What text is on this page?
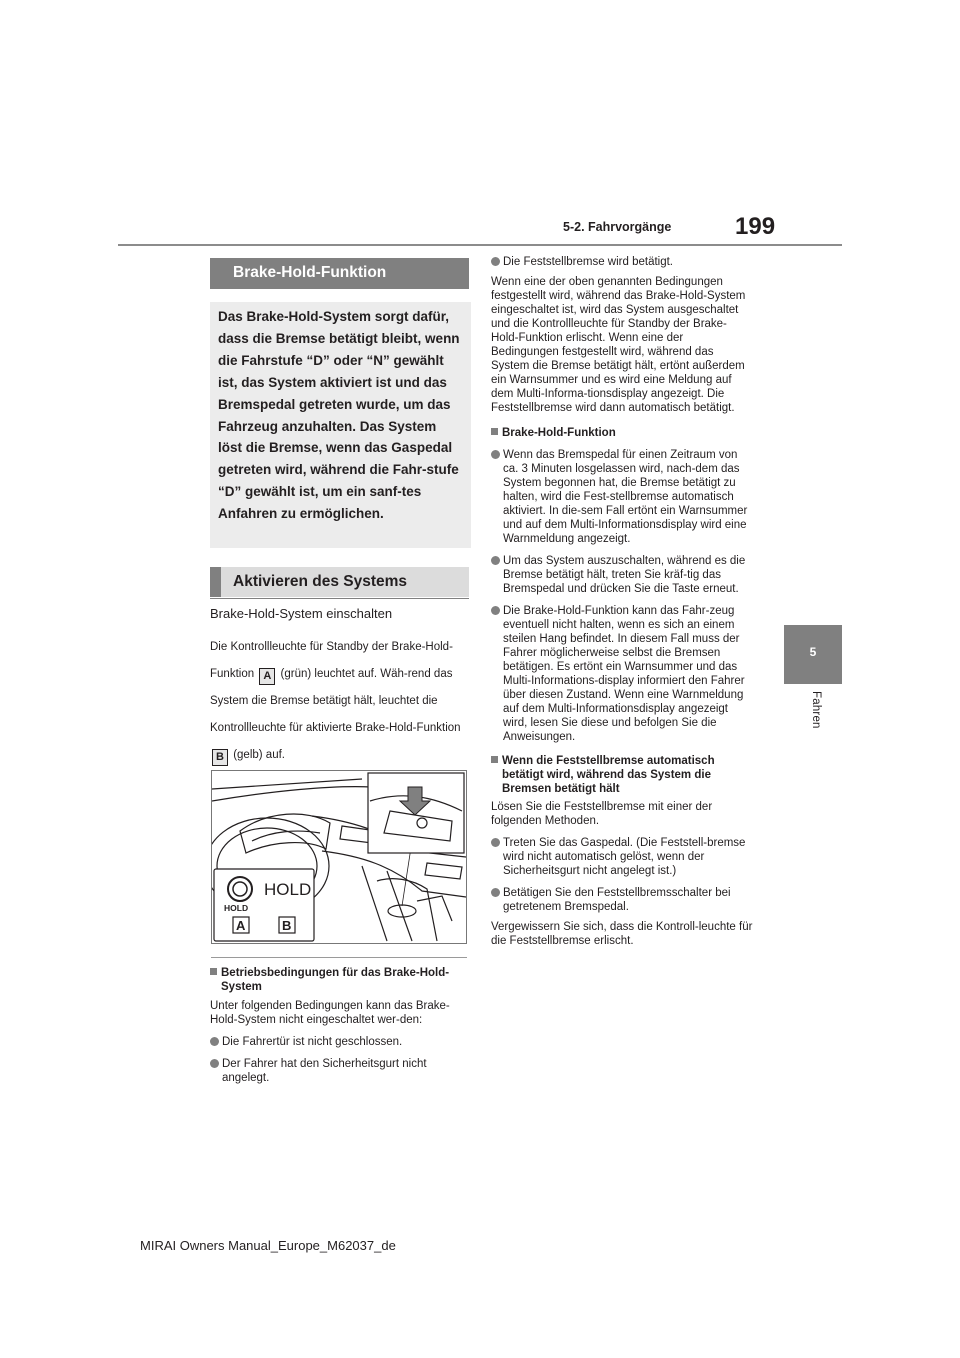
199
5-2. Fahrvorgänge
5
Fahren
Brake-Hold-Funktion
Das Brake-Hold-System sorgt dafür, dass die Bremse betätigt bleibt, wenn die Fahrstufe “D” oder “N” gewählt ist, das System aktiviert ist und das Bremspedal getreten wurde, um das Fahrzeug anzuhalten. Das System löst die Bremse, wenn das Gaspedal getreten wird, während die Fahr-stufe “D” gewählt ist, um ein sanf-tes Anfahren zu ermöglichen.
Aktivieren des Systems
Brake-Hold-System einschalten
Die Kontrollleuchte für Standby der Brake-Hold-Funktion A (grün) leuchtet auf. Wäh-rend das System die Bremse betätigt hält, leuchtet die Kontrollleuchte für aktivierte Brake-Hold-Funktion B (gelb) auf.
HOLD
HOLD
A	B
Betriebsbedingungen für das Brake-Hold-System
Unter folgenden Bedingungen kann das Brake-Hold-System nicht eingeschaltet wer-den:
Die Fahrertür ist nicht geschlossen.
Der Fahrer hat den Sicherheitsgurt nicht angelegt.
Die Feststellbremse wird betätigt.
Wenn eine der oben genannten Bedingungen festgestellt wird, während das Brake-Hold-System eingeschaltet ist, wird das System ausgeschaltet und die Kontrollleuchte für Standby der Brake-Hold-Funktion erlischt. Wenn eine der Bedingungen festgestellt wird, während das System die Bremse betätigt hält, ertönt außerdem ein Warnsummer und es wird eine Meldung auf dem Multi-Informa-tionsdisplay angezeigt. Die Feststellbremse wird dann automatisch betätigt.
Brake-Hold-Funktion
Wenn das Bremspedal für einen Zeitraum von ca. 3 Minuten losgelassen wird, nach-dem das System begonnen hat, die Bremse betätigt zu halten, wird die Fest-stellbremse automatisch aktiviert. In die-sem Fall ertönt ein Warnsummer und auf dem Multi-Informationsdisplay wird eine Warnmeldung angezeigt.
Um das System auszuschalten, während es die Bremse betätigt hält, treten Sie kräf-tig das Bremspedal und drücken Sie die Taste erneut.
Die Brake-Hold-Funktion kann das Fahr-zeug eventuell nicht halten, wenn es sich an einem steilen Hang befindet. In diesem Fall muss der Fahrer möglicherweise selbst die Bremsen betätigen. Es ertönt ein Warnsummer und das Multi-Informations-display informiert den Fahrer über diesen Zustand. Wenn eine Warnmeldung auf dem Multi-Informationsdisplay angezeigt wird, lesen Sie diese und befolgen Sie die Anweisungen.
Wenn die Feststellbremse automatisch betätigt wird, während das System die Bremsen betätigt hält
Lösen Sie die Feststellbremse mit einer der folgenden Methoden.
Treten Sie das Gaspedal. (Die Feststell-bremse wird nicht automatisch gelöst, wenn der Sicherheitsgurt nicht angelegt ist.)
Betätigen Sie den Feststellbremsschalter bei getretenem Bremspedal.
Vergewissern Sie sich, dass die Kontroll-leuchte für die Feststellbremse erlischt.
MIRAI Owners Manual_Europe_M62037_de
